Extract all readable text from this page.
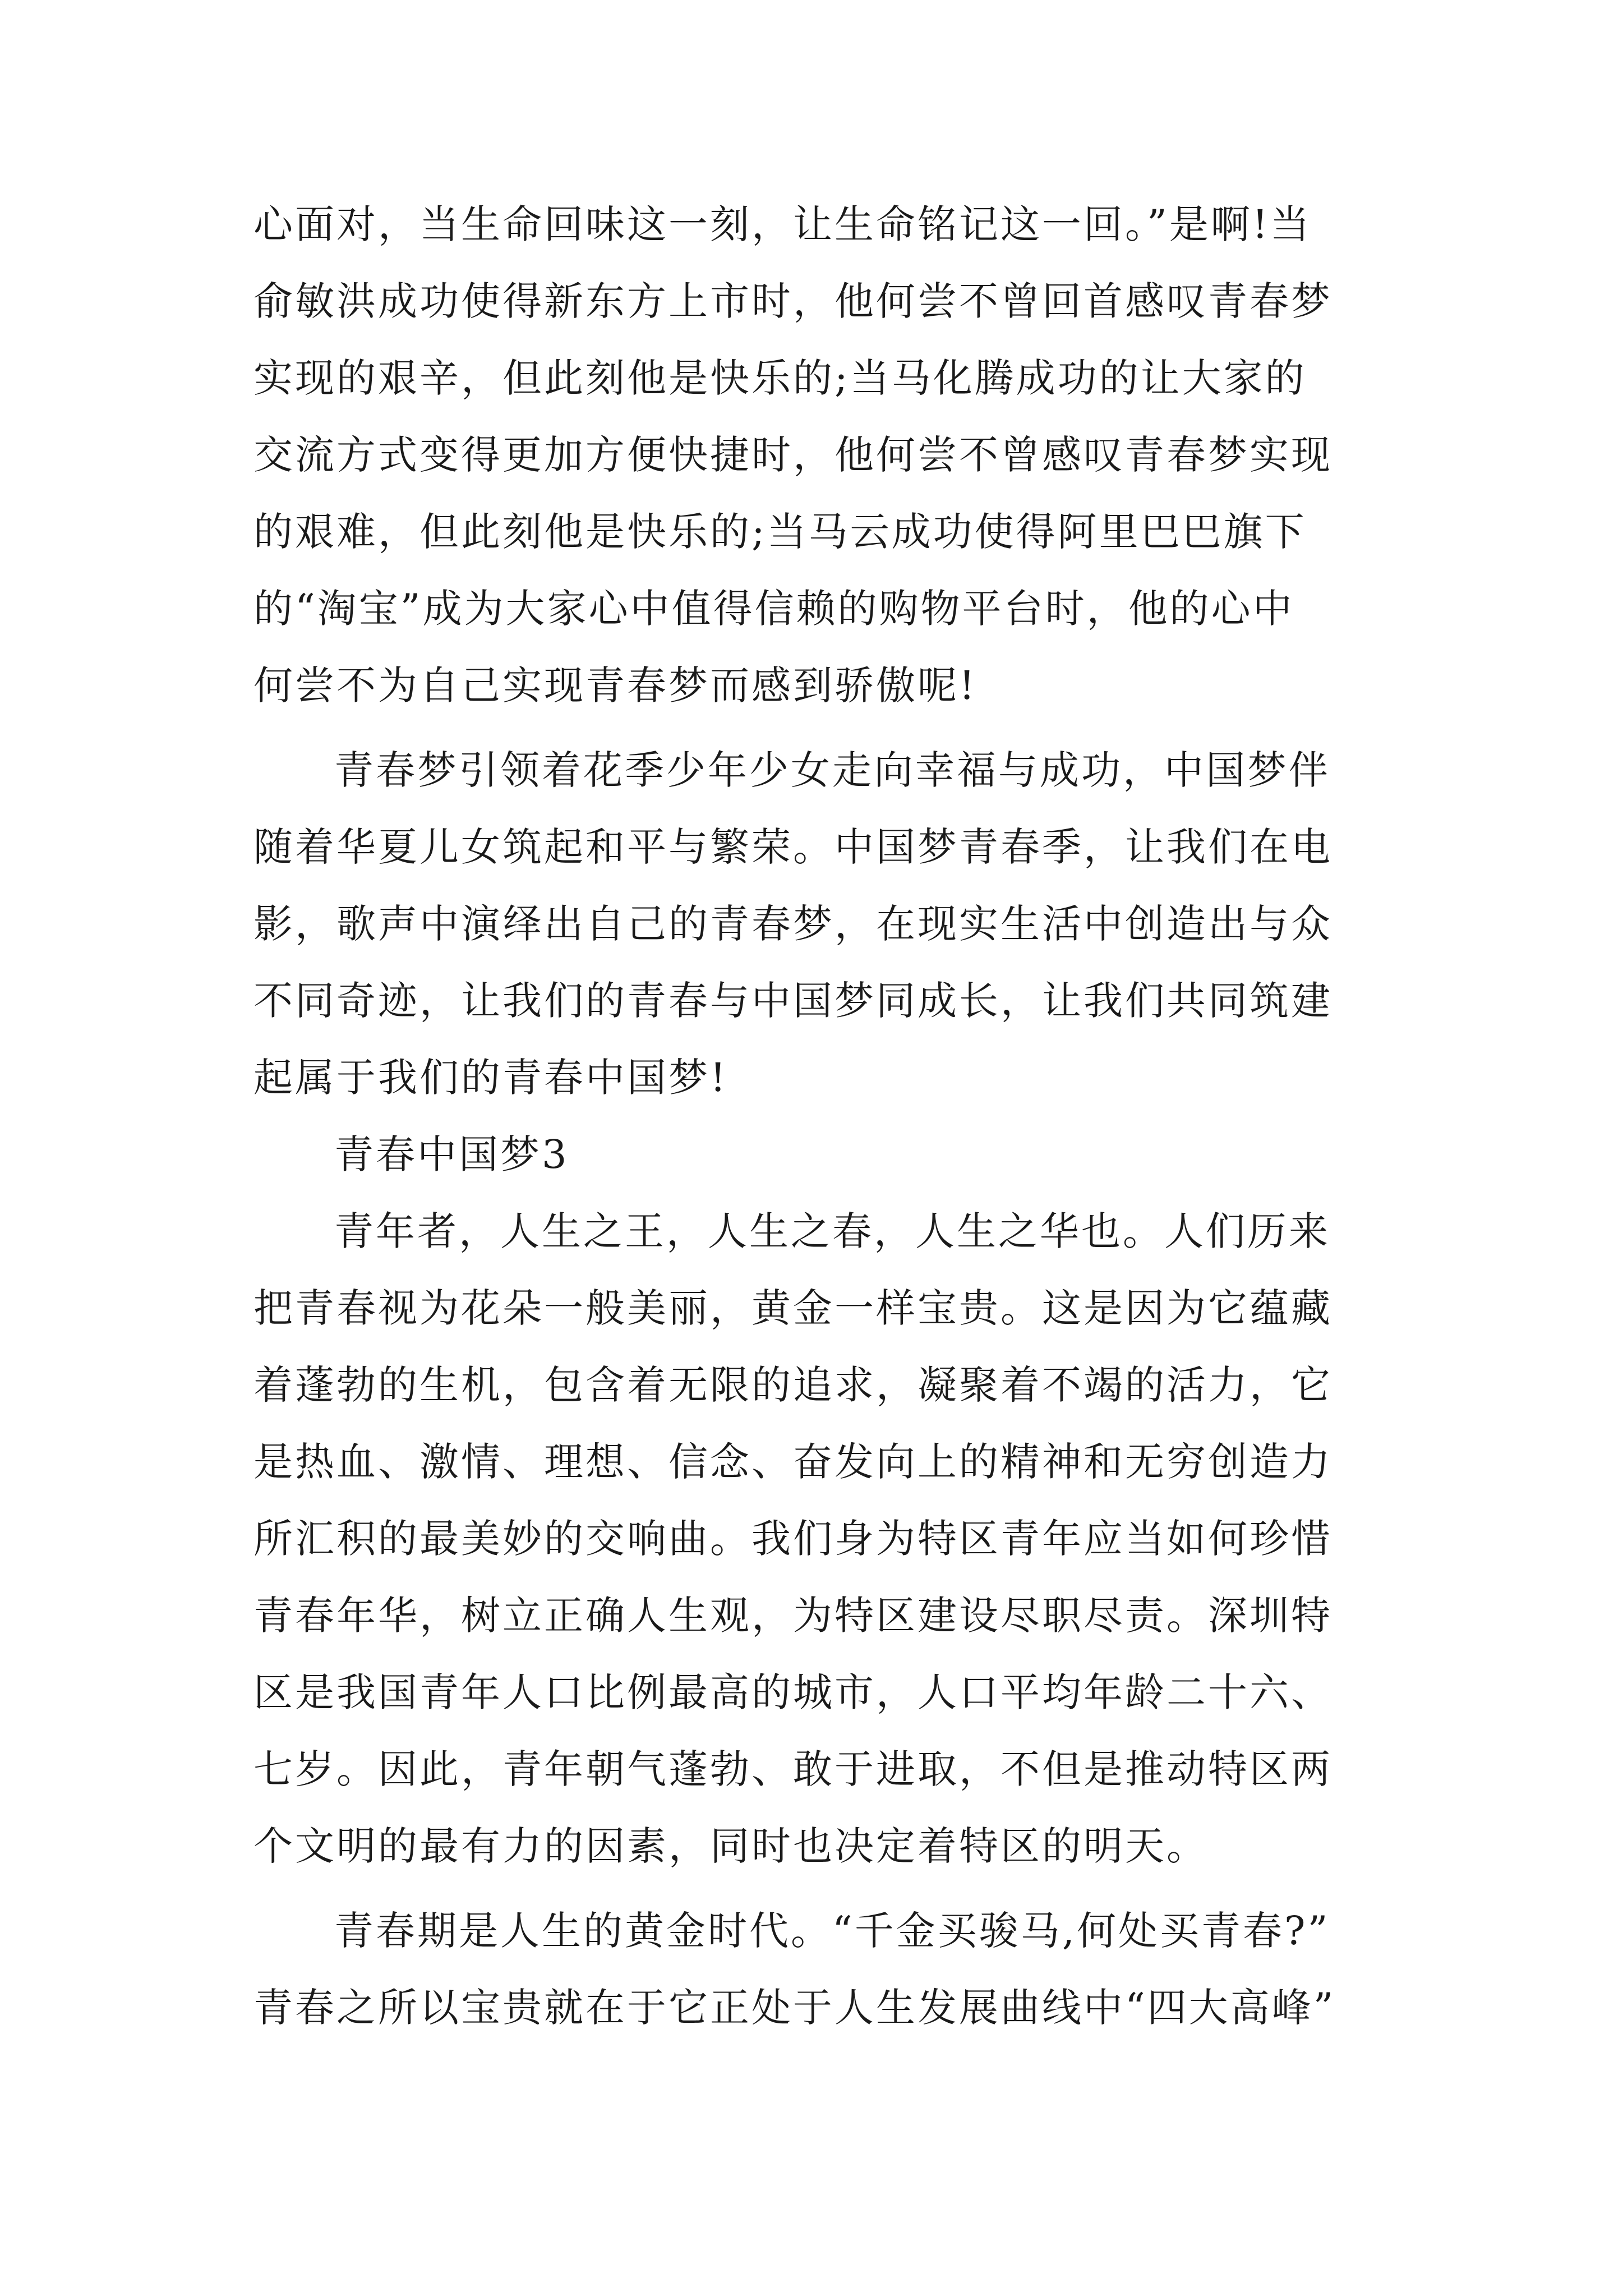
心面对，当生命回味这一刻，让生命铭记这一回。”是啊!当
俞敏洪成功使得新东方上市时，他何尝不曾回首感叹青春梦
实现的艰辛，但此刻他是快乐的;当马化腾成功的让大家的
交流方式变得更加方便快捷时，他何尝不曾感叹青春梦实现
的艰难，但此刻他是快乐的;当马云成功使得阿里巴巴旗下
的“淘宝”成为大家心中值得信赖的购物平台时，他的心中
何尝不为自己实现青春梦而感到骄傲呢!
青春梦引领着花季少年少女走向幸福与成功，中国梦伴
随着华夏儿女筑起和平与繁荣。中国梦青春季，让我们在电
影，歌声中演绎出自己的青春梦，在现实生活中创造出与众
不同奇迹，让我们的青春与中国梦同成长，让我们共同筑建
起属于我们的青春中国梦!
青春中国梦3
青年者，人生之王，人生之春，人生之华也。人们历来
把青春视为花朵一般美丽，黄金一样宝贵。这是因为它蕴藏
着蓬勃的生机，包含着无限的追求，凝聚着不竭的活力，它
是热血、激情、理想、信念、奋发向上的精神和无穷创造力
所汇积的最美妙的交响曲。我们身为特区青年应当如何珍惜
青春年华，树立正确人生观，为特区建设尽职尽责。深圳特
区是我国青年人口比例最高的城市，人口平均年龄二十六、
七岁。因此，青年朝气蓬勃、敢于进取，不但是推动特区两
个文明的最有力的因素，同时也决定着特区的明天。
青春期是人生的黄金时代。“千金买骏马,何处买青春?”
青春之所以宝贵就在于它正处于人生发展曲线中“四大高峰”
